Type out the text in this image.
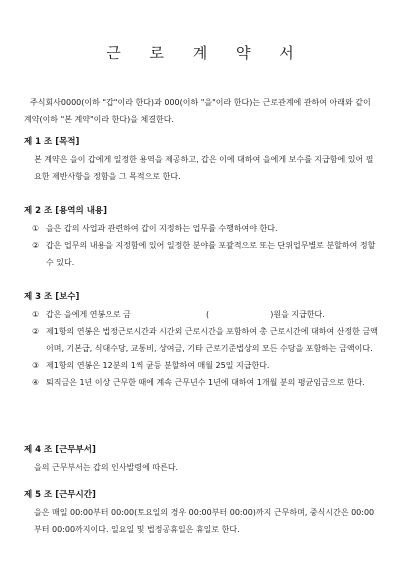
근 로 계 약 서

주식회사0000(이하 "갑"이라 한다)과 000(이하 "을"이라 한다)는 근로관계에 관하여 아래와 같이 계약(이하 "본 계약"이라 한다)을 체결한다.

제 1 조 [목적]

본 계약은 을이 갑에게 일정한 용역을 제공하고, 갑은 이에 대하여 을에게 보수를 지급함에 있어 필요한 제반사항을 정함을 그 목적으로 한다.

제 2 조 [용역의 내용]
① 을은 갑의 사업과 관련하여 갑이 지정하는 업무를 수행하여야 한다.
② 갑은 업무의 내용을 지정함에 있어 일정한 분야를 포괄적으로 또는 단위업무별로 분할하여 정할 수 있다.
제 3 조 [보수]
① 갑은 을에게 연봉으로 금	(	)원을 지급한다.
② 제1항의 연봉은 법정근로시간과 시간외 근로시간을 포함하여 총 근로시간에 대하여 산정한 금액이며, 기본급, 식대수당, 교통비, 상여금, 기타 근로기준법상의 모든 수당을 포함하는 금액이다.
③ 제1항의 연봉은 12분의 1씩 균등 분할하여 매월 25일 지급한다.
④ 퇴직금은 1년 이상 근무한 때에 계속 근무년수 1년에 대하여 1개월 분의 평균임금으로 한다.
제 4 조 [근무부서]

을의 근무부서는 갑의 인사발령에 따른다.

제 5 조 [근무시간]

을은 매일 00:00부터 00:00(토요일의 경우 00:00부터 00:00)까지 근무하며, 중식시간은 00:00부터 00:00까지이다. 일요일 및 법정공휴일은 휴일로 한다.
